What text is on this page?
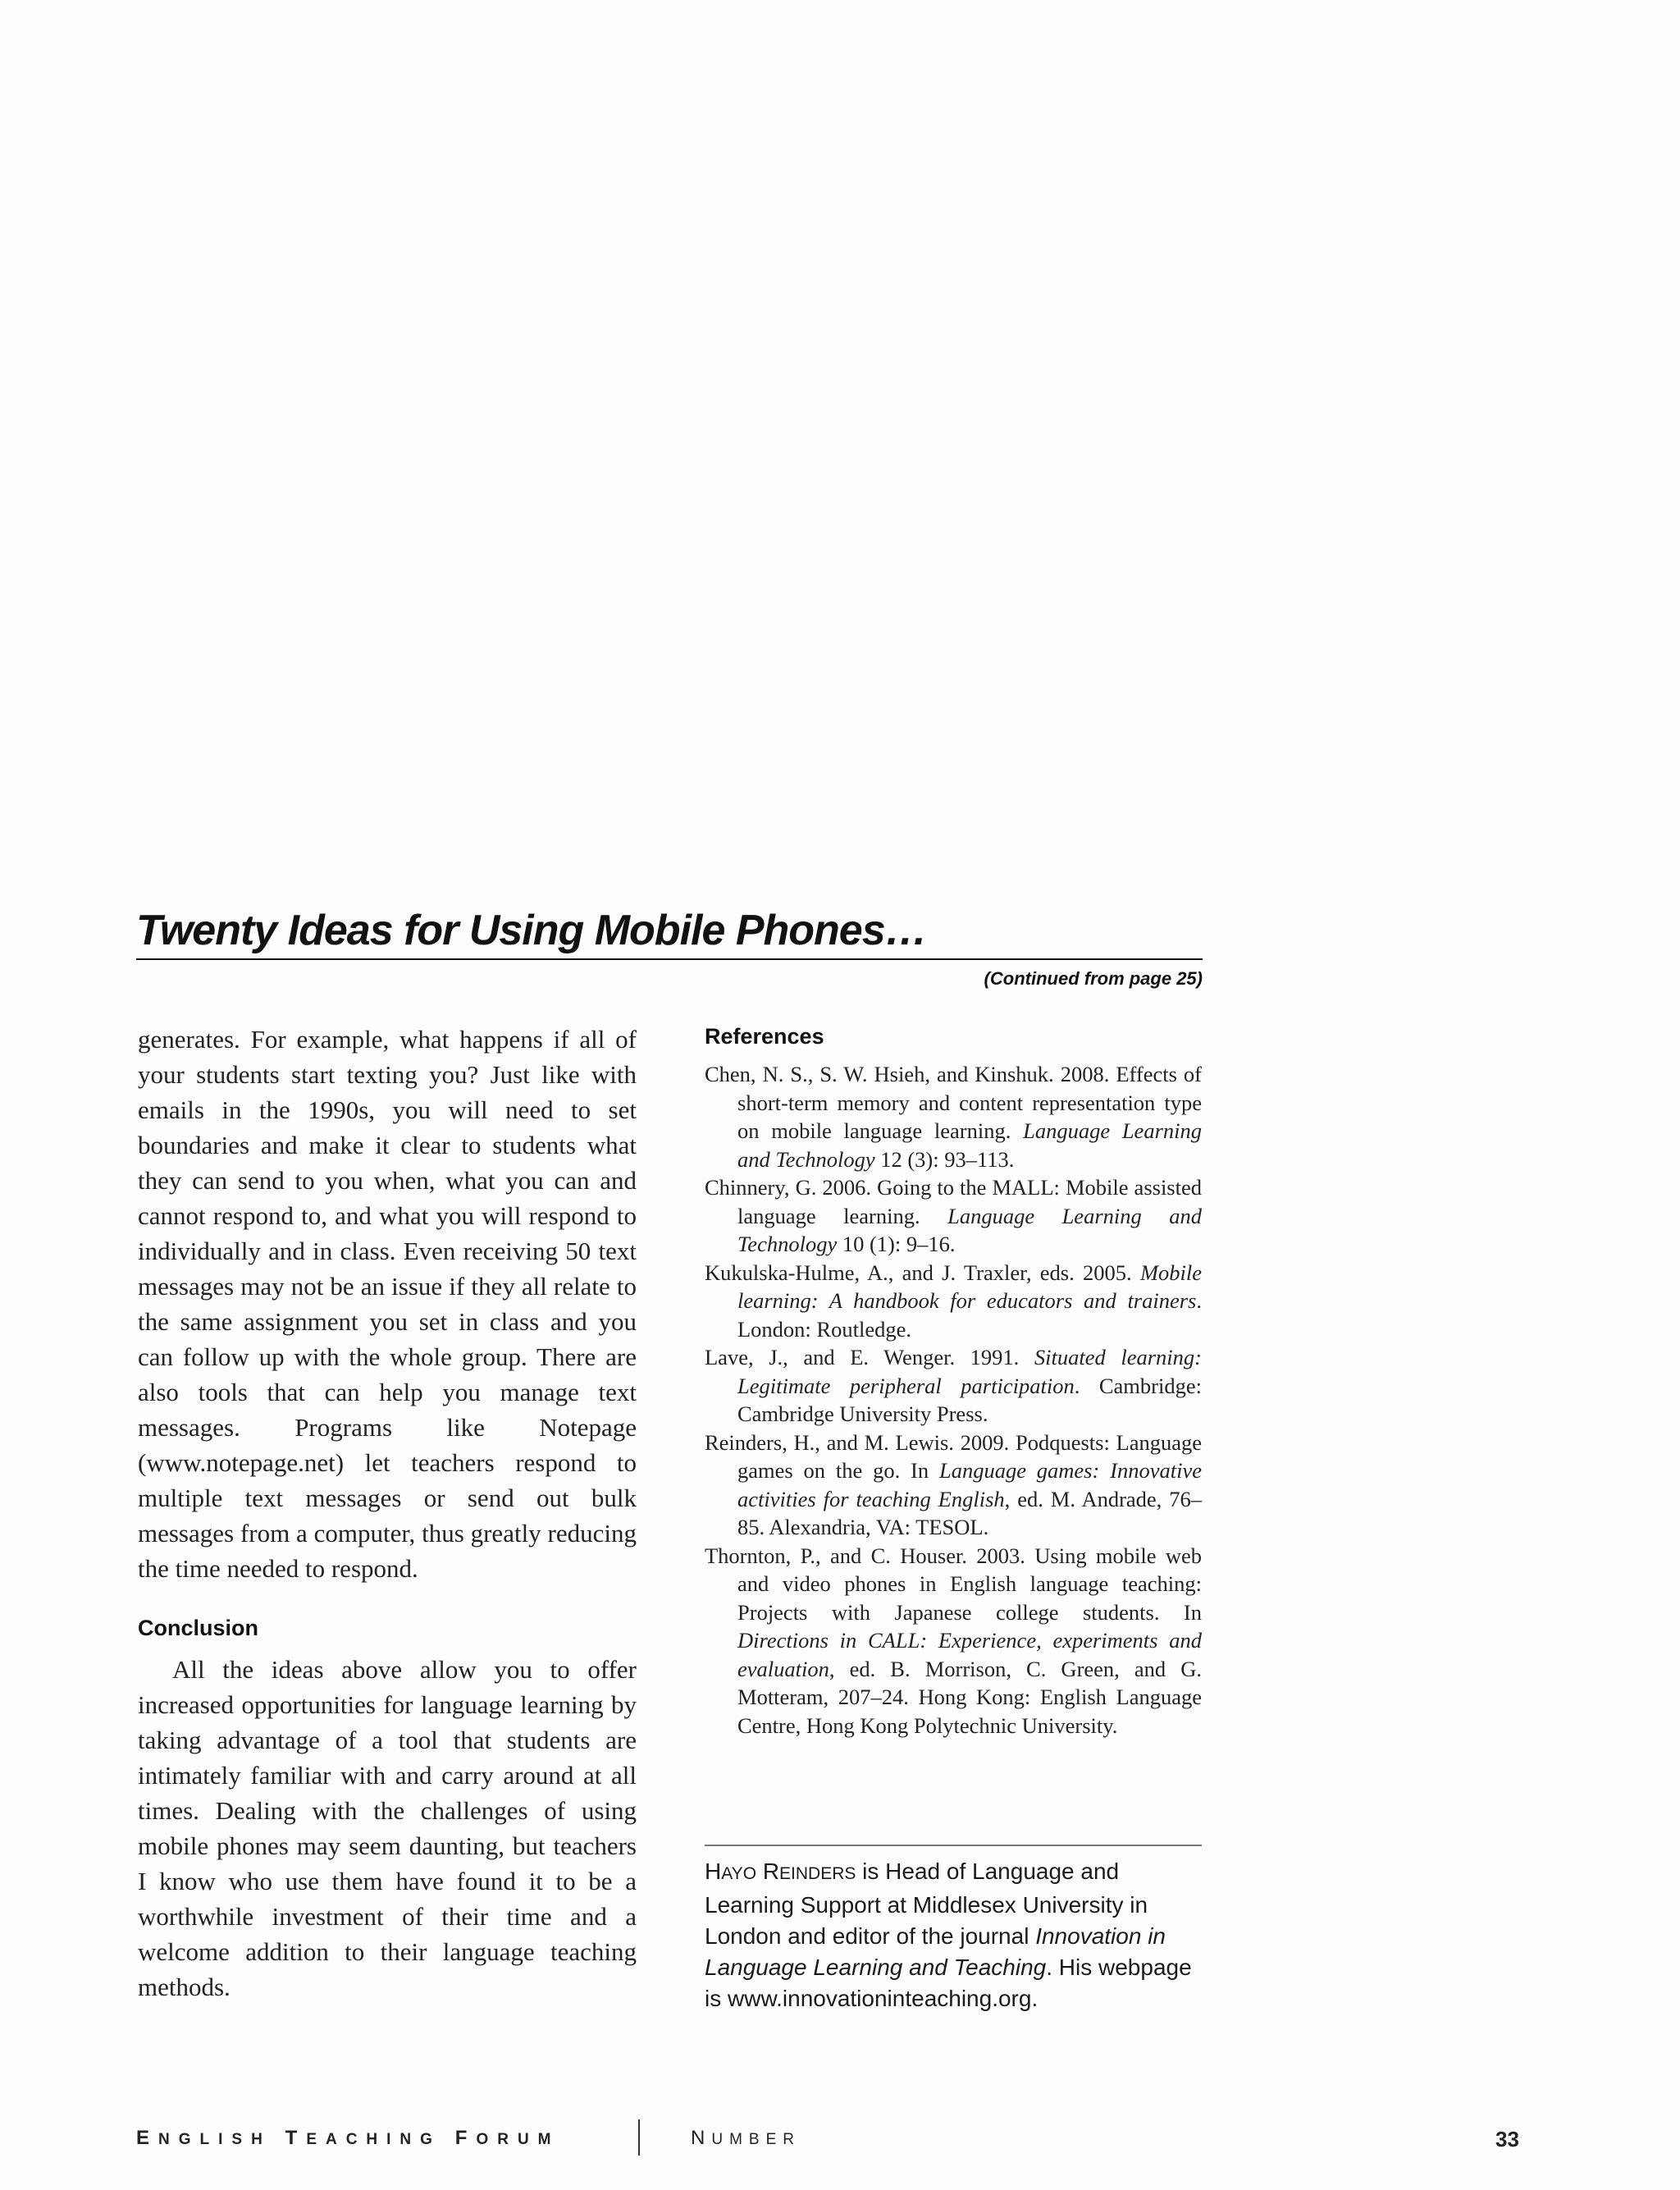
Twenty Ideas for Using Mobile Phones…
(Continued from page 25)

generates. For example, what happens if all of your students start texting you? Just like with emails in the 1990s, you will need to set boundaries and make it clear to students what they can send to you when, what you can and cannot respond to, and what you will respond to individually and in class. Even receiving 50 text messages may not be an issue if they all relate to the same assignment you set in class and you can follow up with the whole group. There are also tools that can help you manage text messages. Programs like Notepage (www.notepage.net) let teachers respond to multiple text messages or send out bulk messages from a computer, thus greatly reducing the time needed to respond.

Conclusion

All the ideas above allow you to offer increased opportunities for language learning by taking advantage of a tool that students are intimately familiar with and carry around at all times. Dealing with the challenges of using mobile phones may seem daunting, but teachers I know who use them have found it to be a worthwhile investment of their time and a welcome addition to their language teaching methods.

References
Chen, N. S., S. W. Hsieh, and Kinshuk. 2008. Effects of short-term memory and content representation type on mobile language learning. Language Learning and Technology 12 (3): 93–113.
Chinnery, G. 2006. Going to the MALL: Mobile assisted language learning. Language Learning and Technology 10 (1): 9–16.
Kukulska-Hulme, A., and J. Traxler, eds. 2005. Mobile learning: A handbook for educators and trainers. London: Routledge.
Lave, J., and E. Wenger. 1991. Situated learning: Legitimate peripheral participation. Cambridge: Cambridge University Press.
Reinders, H., and M. Lewis. 2009. Podquests: Language games on the go. In Language games: Innovative activities for teaching English, ed. M. Andrade, 76–85. Alexandria, VA: TESOL.
Thornton, P., and C. Houser. 2003. Using mobile web and video phones in English language teaching: Projects with Japanese college students. In Directions in CALL: Experience, experiments and evaluation, ed. B. Morrison, C. Green, and G. Motteram, 207–24. Hong Kong: English Language Centre, Hong Kong Polytechnic University.
HAYO REINDERS is Head of Language and Learning Support at Middlesex University in London and editor of the journal Innovation in Language Learning and Teaching. His webpage is www.innovationinteaching.org.
ENGLISH TEACHING FORUM	NUMBER	33
